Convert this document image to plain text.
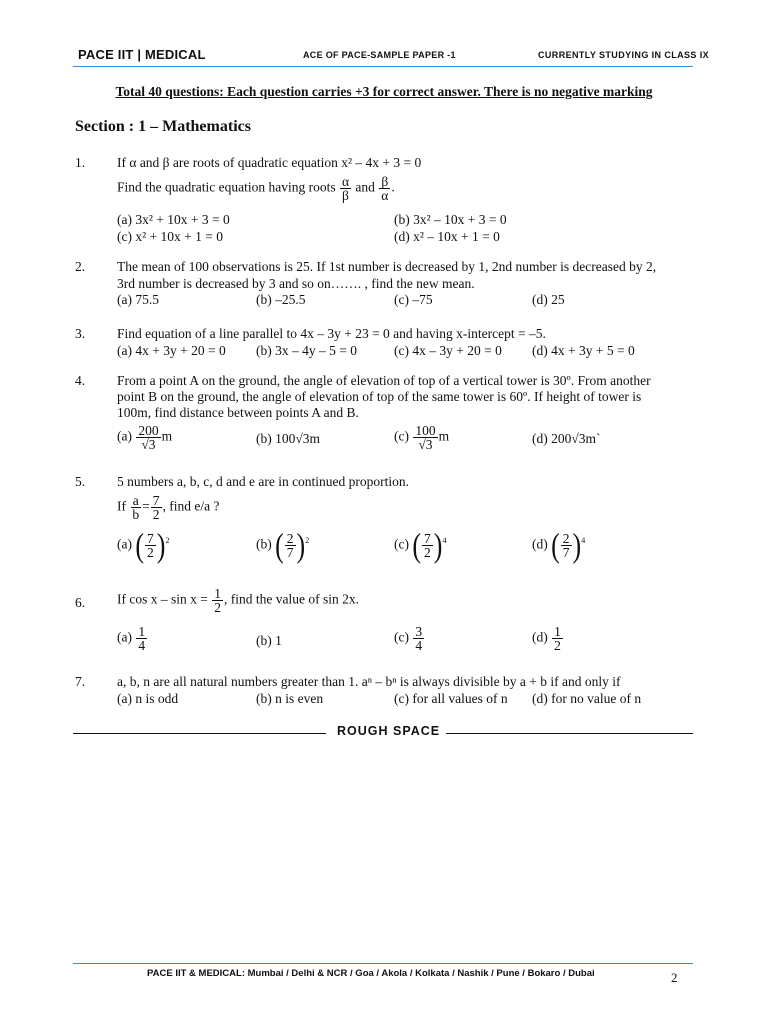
PACE IIT | MEDICAL	ACE OF PACE-SAMPLE PAPER -1	CURRENTLY STUDYING IN CLASS IX
Total 40 questions: Each question carries +3 for correct answer. There is no negative marking
Section : 1 – Mathematics
1. If α and β are roots of quadratic equation x² – 4x + 3 = 0
Find the quadratic equation having roots $\frac{\alpha}{\beta}$ and $\frac{\beta}{\alpha}$ .
(a) 3x² + 10x + 3 = 0	(b) 3x² – 10x + 3 = 0
(c) x² + 10x + 1 = 0	(d) x² – 10x + 1 = 0
2. The mean of 100 observations is 25. If 1st number is decreased by 1, 2nd number is decreased by 2,
3rd number is decreased by 3 and so on……. , find the new mean.
(a) 75.5	(b) –25.5	(c) –75	(d) 25
3. Find equation of a line parallel to 4x – 3y + 23 = 0 and having x-intercept = –5.
(a) 4x + 3y + 20 = 0 (b) 3x – 4y – 5 = 0	(c) 4x – 3y + 20 = 0 (d) 4x + 3y + 5 = 0
4. From a point A on the ground, the angle of elevation of top of a vertical tower is 30º. From another
point B on the ground, the angle of elevation of top of the same tower is 60º. If height of tower is
100m, find distance between points A and B.
$(a) \frac{200}{√3}$ m	(b) 100√3m	$(c) \frac{100}{√3}$ m	(d) 200√3m`
5. 5 numbers a, b, c, d and e are in continued proportion.
If $\frac{a}{b} = \frac{7}{2}$ , find e/a ?
(a) ( $\frac{7}{2} )^2$	(b) ( $\frac{2}{7} )^2$	(c) ( $\frac{7}{2} )^4$	(d) ( $\frac{2}{7} )^4$
6. If $\cos x - \sin x = \frac{1}{2}$ , find the value of sin 2x.
$(a) \frac{1}{4}$	(b) 1	$(c) \frac{3}{4}$	$(d) \frac{1}{2}$
7. a, b, n are all natural numbers greater than 1. aⁿ – bⁿ is always divisible by a + b if and only if
(a) n is odd	(b) n is even	(c) for all values of n (d) for no value of n
ROUGH SPACE
PACE IIT & MEDICAL: Mumbai / Delhi & NCR / Goa / Akola / Kolkata / Nashik / Pune / Bokaro / Dubai	2
